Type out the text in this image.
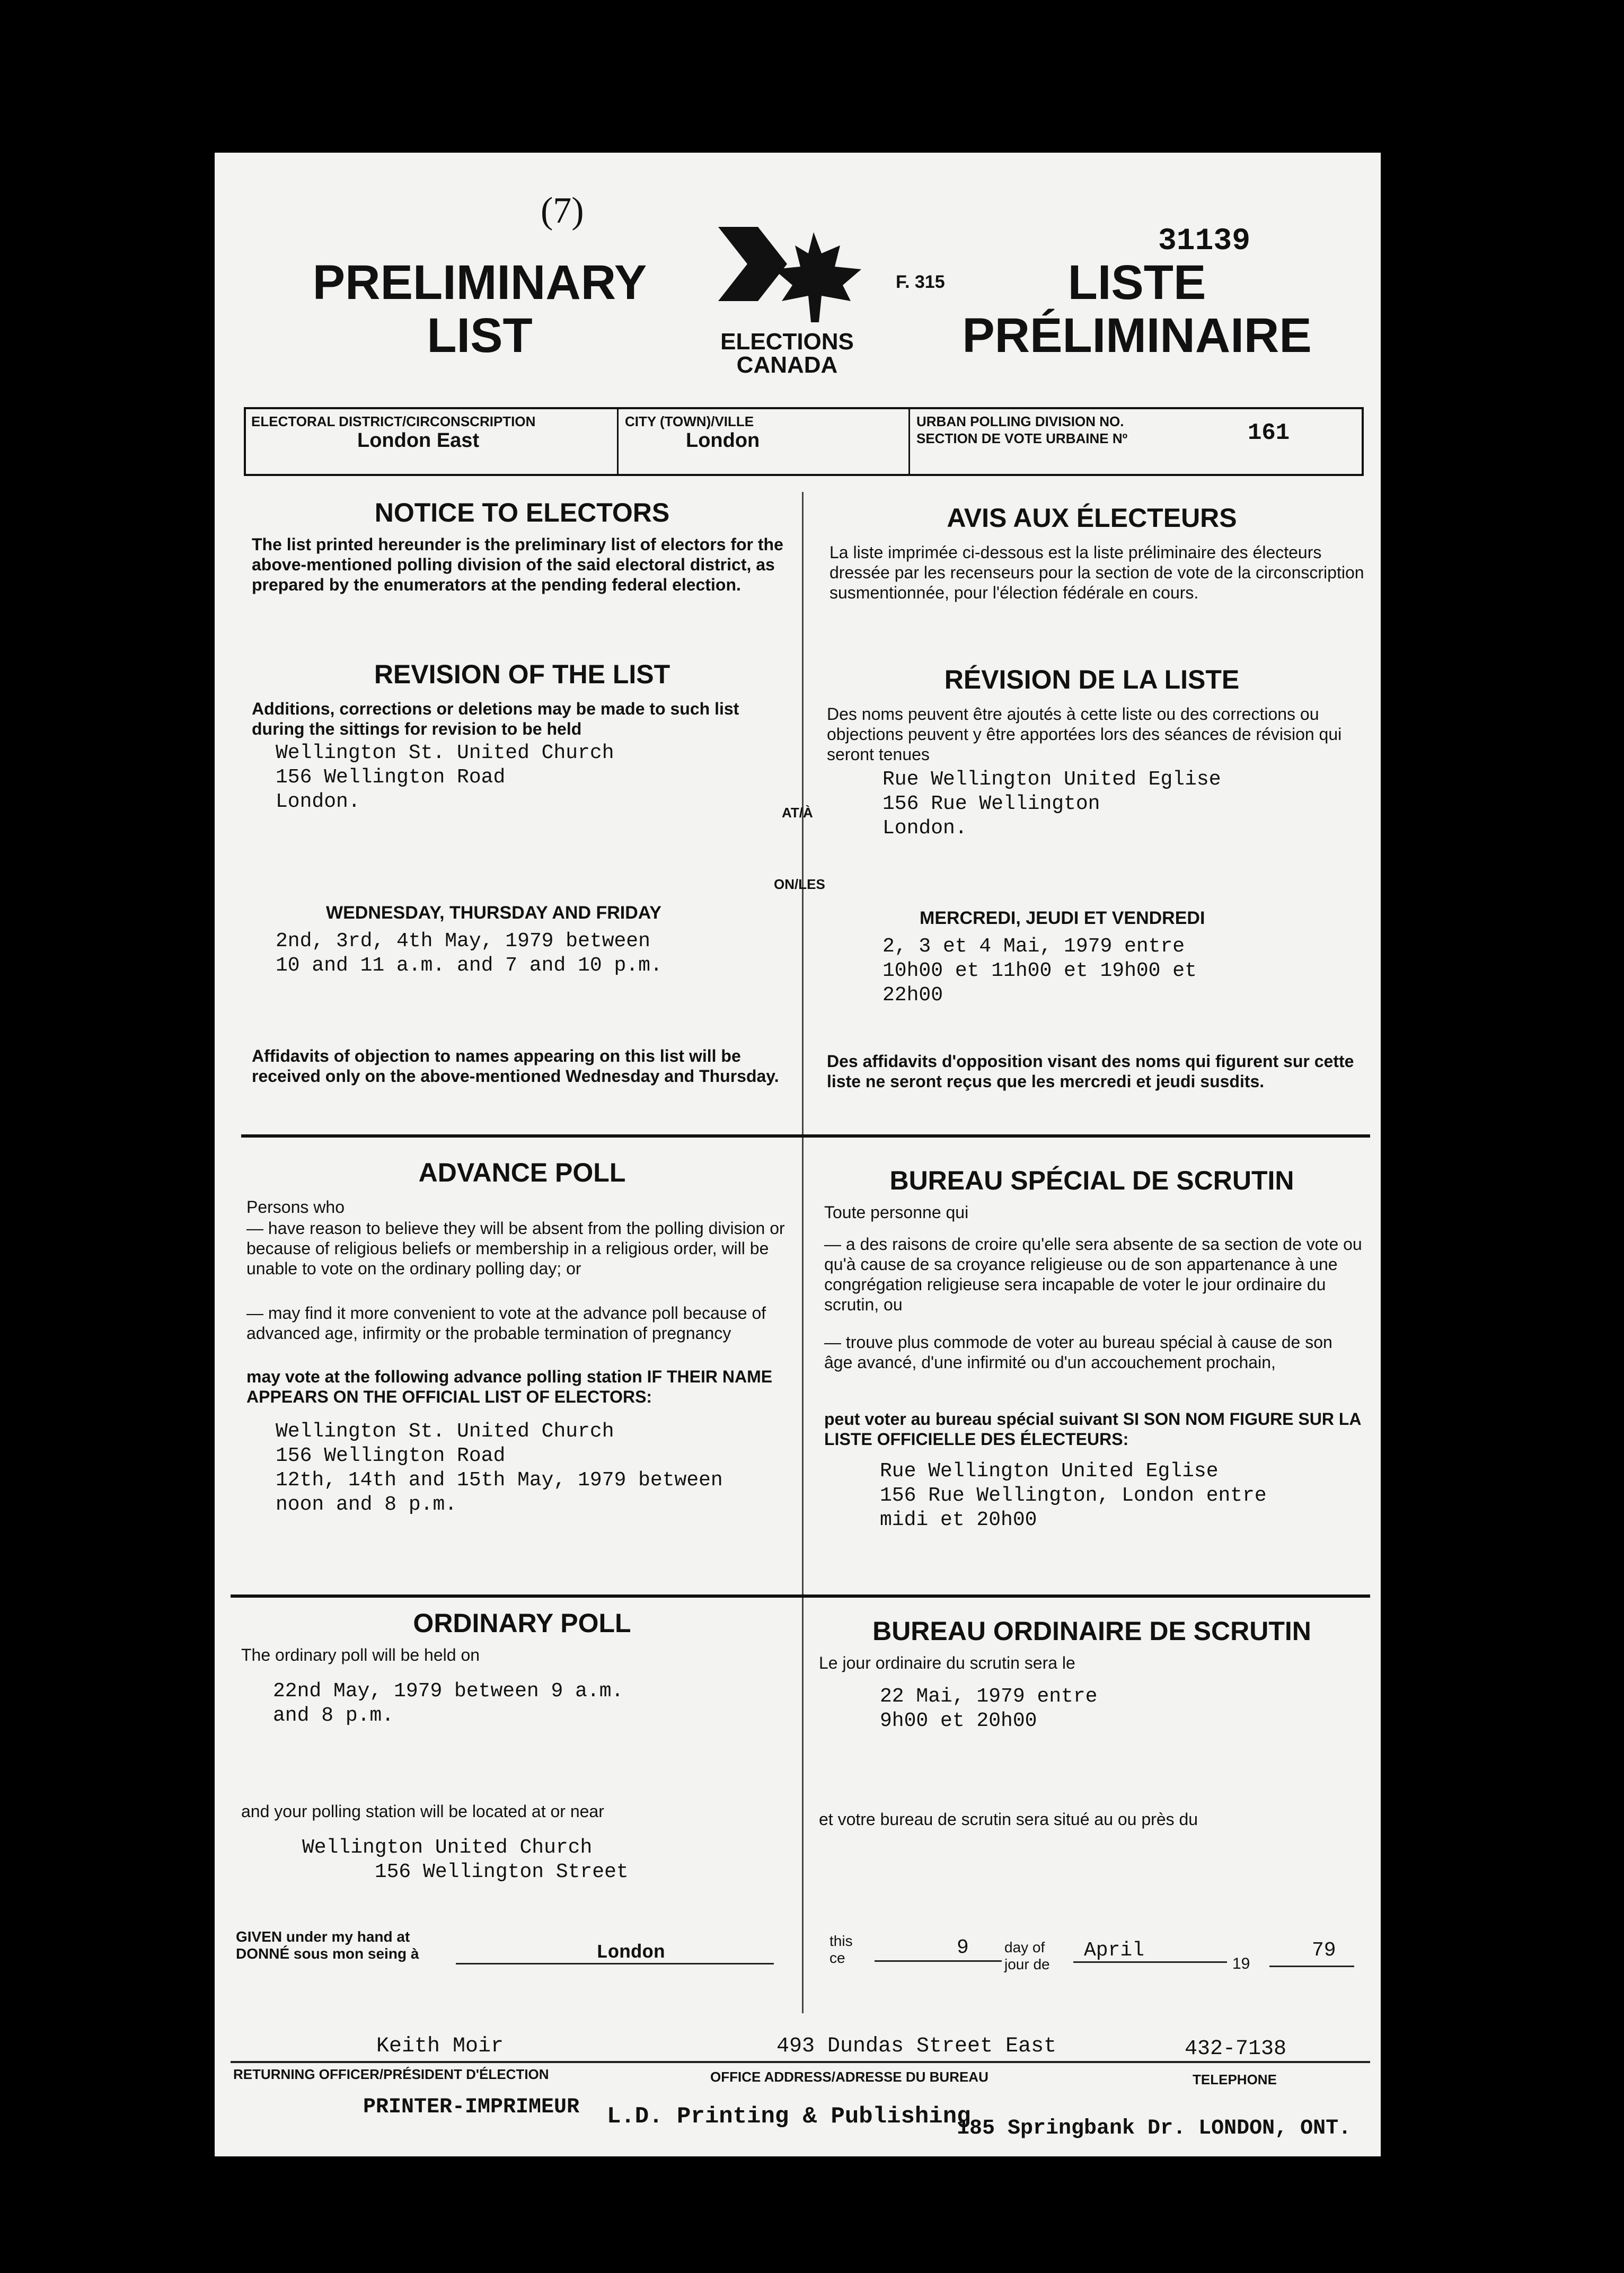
(7)
31139
PRELIMINARY
LIST	ELECTIONS
CANADA
F. 315	LISTE
PRÉLIMINAIRE
ELECTORAL DISTRICT/CIRCONSCRIPTION
London East
CITY (TOWN)/VILLE
London
URBAN POLLING DIVISION NO.
SECTION DE VOTE URBAINE Nº	161
NOTICE TO ELECTORS
The list printed hereunder is the preliminary list of electors for the above-mentioned polling division of the said electoral district, as prepared by the enumerators at the pending federal election.
AVIS AUX ÉLECTEURS
La liste imprimée ci-dessous est la liste préliminaire des électeurs dressée par les recenseurs pour la section de vote de la circonscription susmentionnée, pour l'élection fédérale en cours.
REVISION OF THE LIST
Additions, corrections or deletions may be made to such list during the sittings for revision to be held
Wellington St. United Church
156 Wellington Road
London.
RÉVISION DE LA LISTE
Des noms peuvent être ajoutés à cette liste ou des corrections ou objections peuvent y être apportées lors des séances de révision qui seront tenues
Rue Wellington United Eglise
156 Rue Wellington
London.
AT/À
ON/LES
WEDNESDAY, THURSDAY AND FRIDAY
2nd, 3rd, 4th May, 1979 between
10 and 11 a.m. and 7 and 10 p.m.
MERCREDI, JEUDI ET VENDREDI
2, 3 et 4 Mai, 1979 entre
10h00 et 11h00 et 19h00 et
22h00
Affidavits of objection to names appearing on this list will be received only on the above-mentioned Wednesday and Thursday.
Des affidavits d'opposition visant des noms qui figurent sur cette liste ne seront reçus que les mercredi et jeudi susdits.
ADVANCE POLL
Persons who
— have reason to believe they will be absent from the polling division or because of religious beliefs or membership in a religious order, will be unable to vote on the ordinary polling day; or
— may find it more convenient to vote at the advance poll because of advanced age, infirmity or the probable termination of pregnancy
may vote at the following advance polling station IF THEIR NAME APPEARS ON THE OFFICIAL LIST OF ELECTORS:
Wellington St. United Church
156 Wellington Road
12th, 14th and 15th May, 1979 between
noon and 8 p.m.
BUREAU SPÉCIAL DE SCRUTIN
Toute personne qui
— a des raisons de croire qu'elle sera absente de sa section de vote ou qu'à cause de sa croyance religieuse ou de son appartenance à une congrégation religieuse sera incapable de voter le jour ordinaire du scrutin, ou
— trouve plus commode de voter au bureau spécial à cause de son âge avancé, d'une infirmité ou d'un accouchement prochain,
peut voter au bureau spécial suivant SI SON NOM FIGURE SUR LA LISTE OFFICIELLE DES ÉLECTEURS:
Rue Wellington United Eglise
156 Rue Wellington, London entre
midi et 20h00
ORDINARY POLL
The ordinary poll will be held on
22nd May, 1979 between 9 a.m.
and 8 p.m.
BUREAU ORDINAIRE DE SCRUTIN
Le jour ordinaire du scrutin sera le
22 Mai, 1979 entre
9h00 et 20h00
and your polling station will be located at or near	et votre bureau de scrutin sera situé au ou près du
Wellington United Church
156 Wellington Street
GIVEN under my hand at
DONNÉ sous mon seing à	London
this
ce	9 day of
jour de
April
19
79
Keith Moir	493 Dundas Street East	432-7138
RETURNING OFFICER/PRÉSIDENT D'ÉLECTION	OFFICE ADDRESS/ADRESSE DU BUREAU	TELEPHONE
PRINTER-IMPRIMEUR L.D. Printing & Publishing
185 Springbank Dr. LONDON, ONT.
